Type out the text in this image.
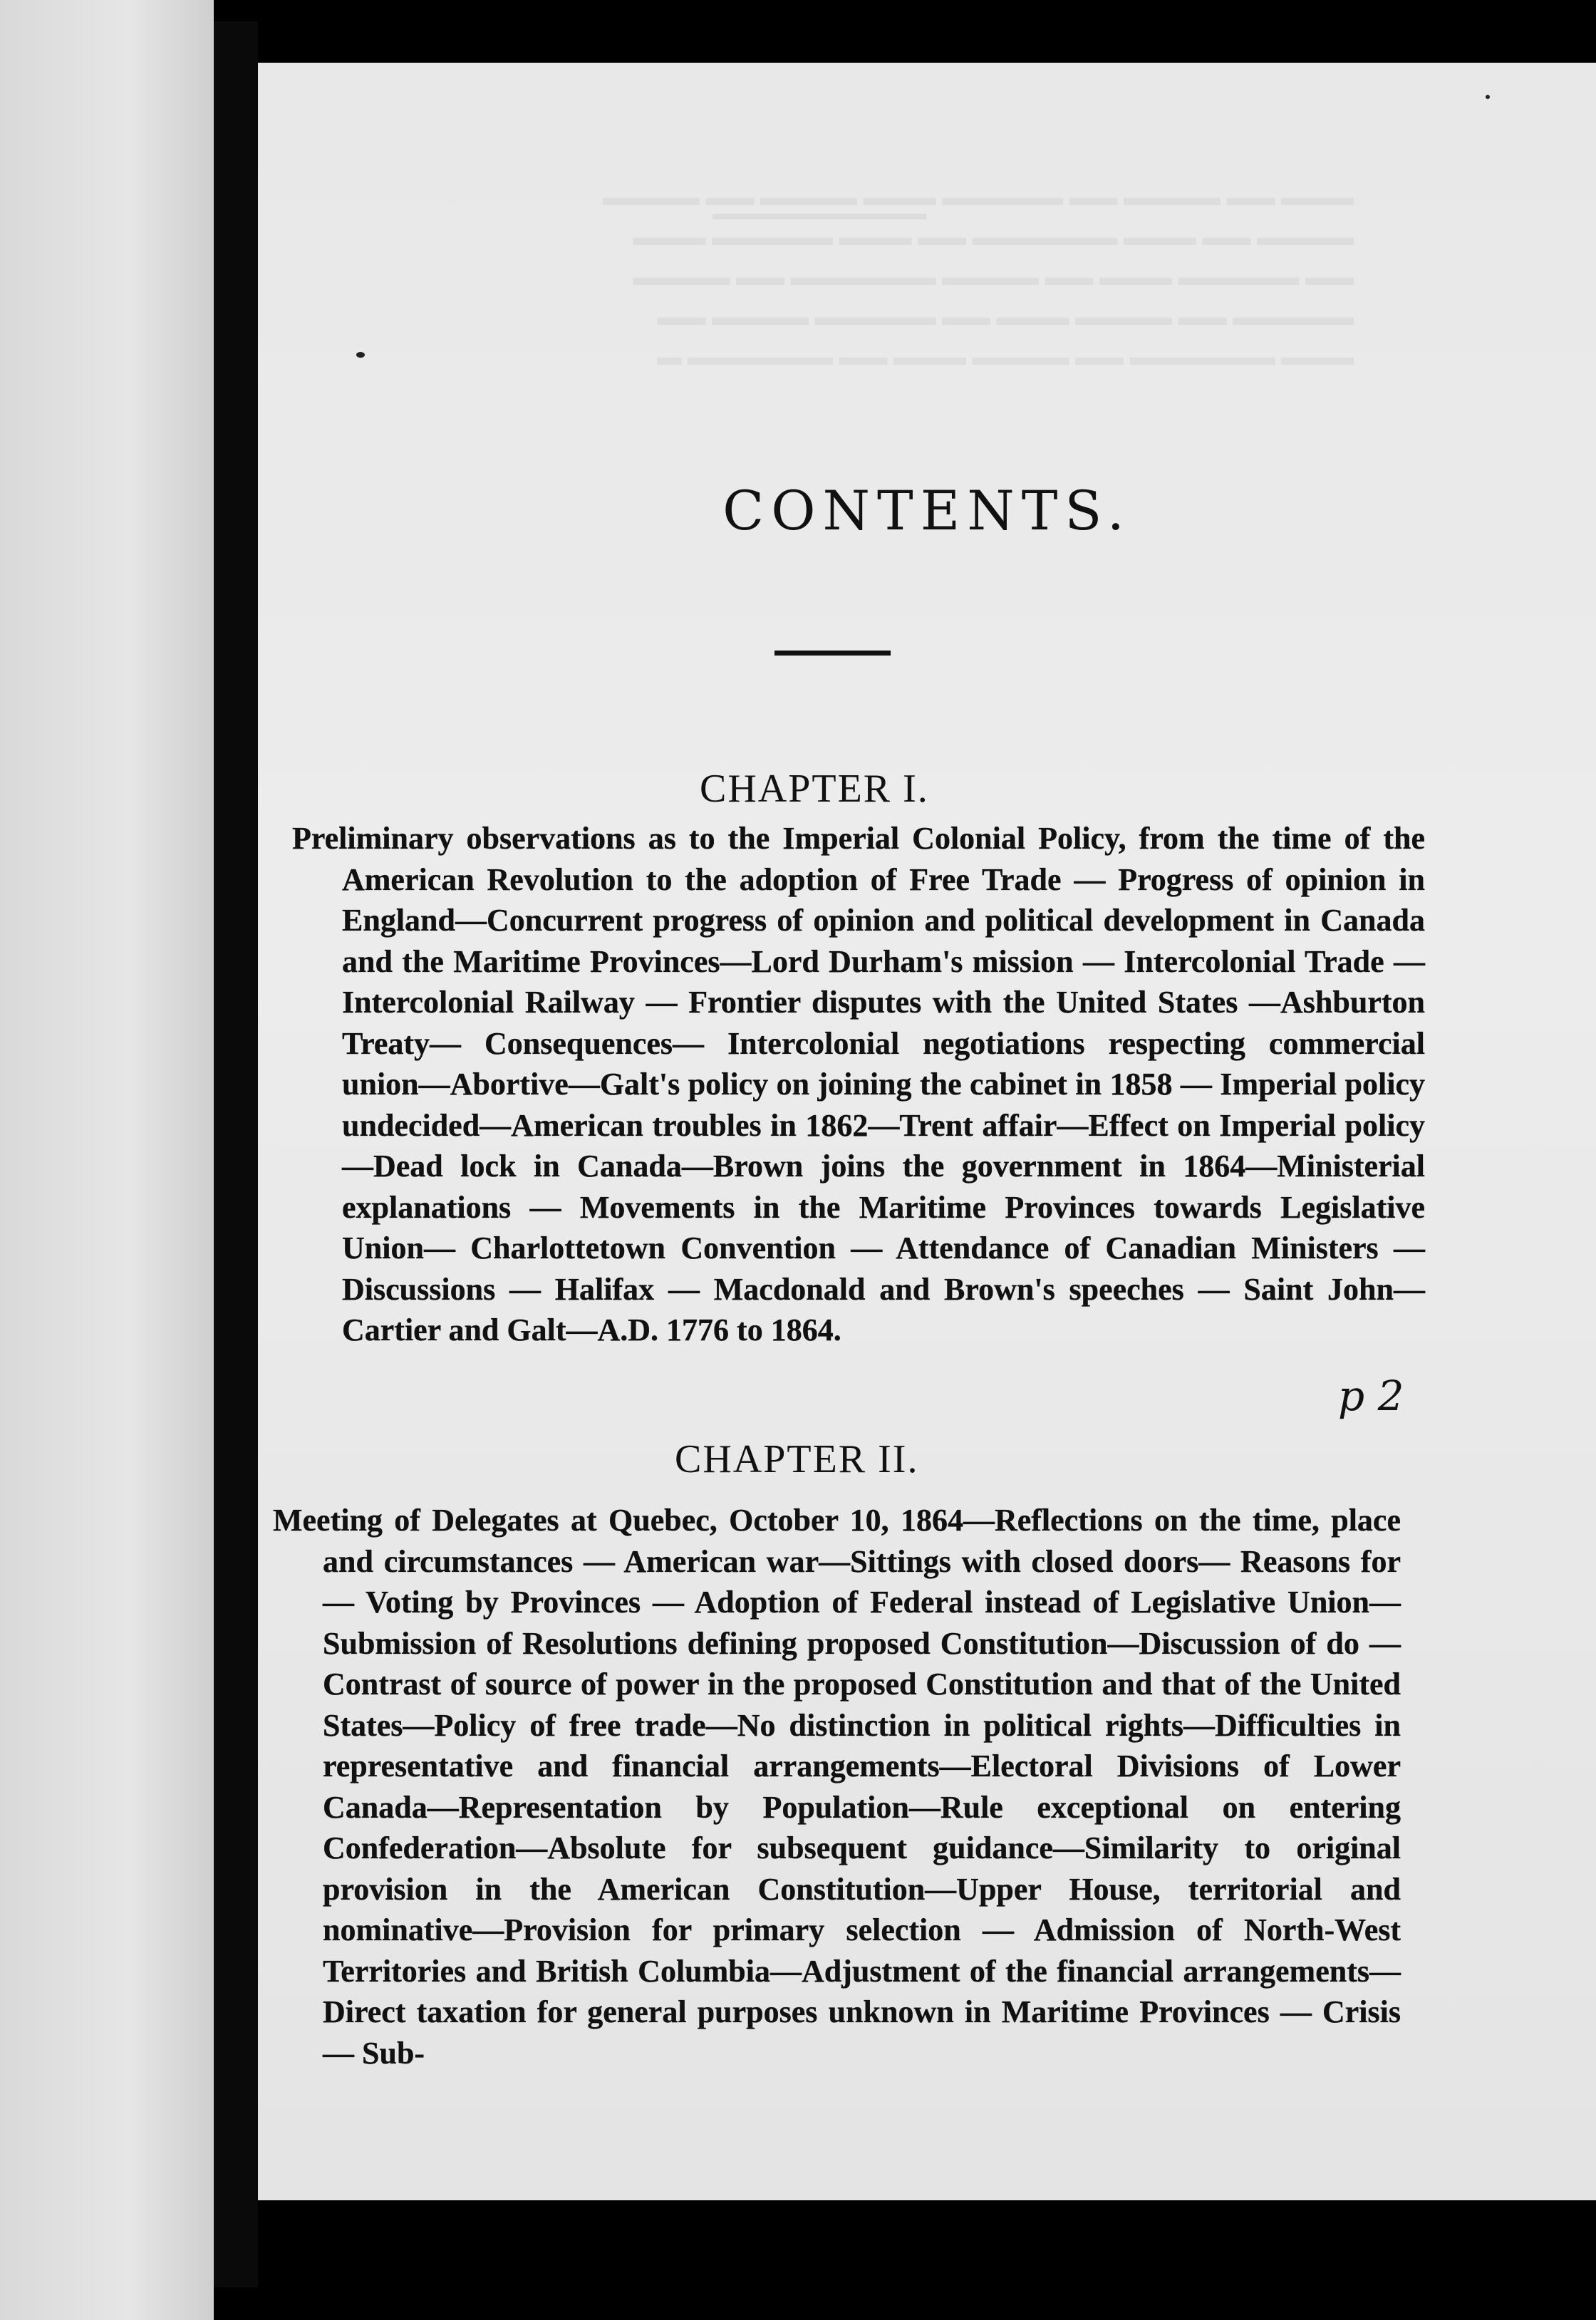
▬▬▬ ▬▬ ▬▬▬▬ ▬▬ ▬▬▬▬▬ ▬▬▬ ▬▬▬▬ ▬▬ ▬▬▬▬
▬▬▬▬ ▬▬ ▬▬▬ ▬▬▬▬▬▬ ▬▬ ▬▬▬ ▬▬▬▬▬ ▬▬▬
▬▬ ▬▬▬▬▬ ▬▬▬ ▬▬ ▬▬▬▬ ▬▬▬▬▬▬ ▬▬ ▬▬▬▬
▬▬▬▬▬ ▬▬ ▬▬▬▬ ▬▬▬ ▬▬ ▬▬▬▬▬ ▬▬▬▬ ▬▬
▬▬▬ ▬▬▬▬▬▬ ▬▬ ▬▬▬▬ ▬▬▬ ▬▬ ▬▬▬▬▬▬ ▬
CONTENTS.
CHAPTER I.

Preliminary observations as to the Imperial Colonial Policy, from the time of the American Revolution to the adoption of Free Trade — Progress of opinion in England—Concurrent progress of opinion and political development in Canada and the Maritime Provinces—Lord Durham's mission — Intercolonial Trade — Intercolonial Railway — Frontier disputes with the United States —Ashburton Treaty— Consequences— Intercolonial negotiations respecting commercial union—Abortive—Galt's policy on joining the cabinet in 1858 — Imperial policy undecided—American troubles in 1862—Trent affair—Effect on Imperial policy—Dead lock in Canada—Brown joins the government in 1864—Ministerial explanations — Movements in the Maritime Provinces towards Legislative Union— Charlottetown Convention — Attendance of Canadian Ministers — Discussions — Halifax — Macdonald and Brown's speeches — Saint John— Cartier and Galt—A.D. 1776 to 1864.

p 2
CHAPTER II.

Meeting of Delegates at Quebec, October 10, 1864—Reflections on the time, place and circumstances — American war—Sittings with closed doors— Reasons for — Voting by Provinces — Adoption of Federal instead of Legislative Union—Submission of Resolutions defining proposed Constitution—Discussion of do — Contrast of source of power in the proposed Constitution and that of the United States—Policy of free trade—No distinction in political rights—Difficulties in representative and financial arrangements—Electoral Divisions of Lower Canada—Representation by Population—Rule exceptional on entering Confederation—Absolute for subsequent guidance—Similarity to original provision in the American Constitution—Upper House, territorial and nominative—Provision for primary selection — Admission of North-West Territories and British Columbia—Adjustment of the financial arrangements—Direct taxation for general purposes unknown in Maritime Provinces — Crisis — Sub-
